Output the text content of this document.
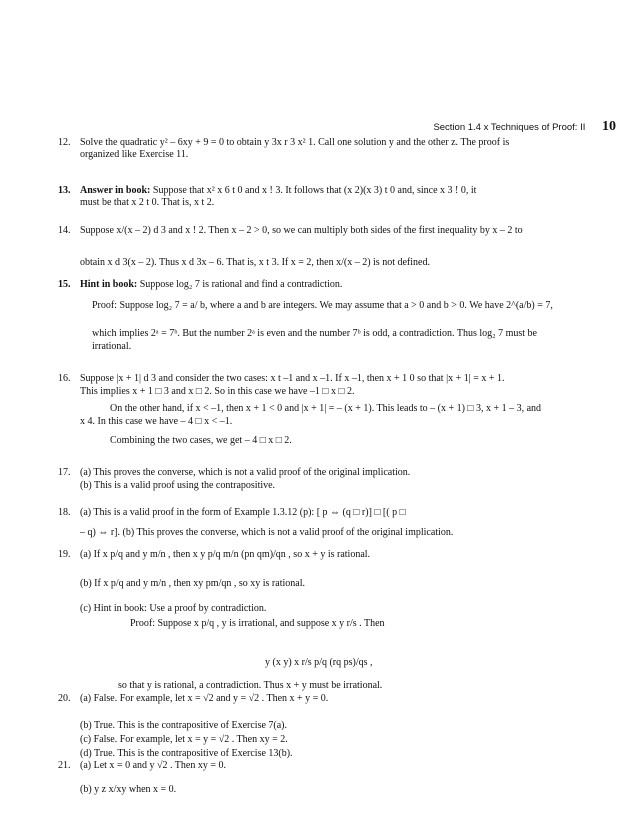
Section 1.4 x Techniques of Proof: II 10
12. Solve the quadratic y² – 6xy + 9 = 0 to obtain y 3x r 3 x² 1. Call one solution y and the other z. The proof is
organized like Exercise 11.
13. Answer in book: Suppose that x² x 6 t 0 and x ! 3. It follows that (x 2)(x 3) t 0 and, since x 3 ! 0, it
must be that x 2 t 0. That is, x t 2.
14. Suppose x/(x – 2) d 3 and x ! 2. Then x – 2 > 0, so we can multiply both sides of the first inequality by x – 2 to
obtain x d 3(x – 2). Thus x d 3x – 6. That is, x t 3. If x = 2, then x/(x – 2) is not defined.
15. Hint in book: Suppose log₂ 7 is rational and find a contradiction.
Proof: Suppose log₂ 7 = a/ b, where a and b are integers. We may assume that a > 0 and b > 0. We have 2^(a/b) = 7,
which implies 2ᵃ = 7ᵇ. But the number 2ᵃ is even and the number 7ᵇ is odd, a contradiction. Thus log₂ 7 must be
irrational.
16. Suppose |x + 1| d 3 and consider the two cases: x t –1 and x –1. If x –1, then x + 1 0 so that |x + 1| = x + 1.
This implies x + 1 □ 3 and x □ 2. So in this case we have –1 □ x □ 2.
On the other hand, if x < –1, then x + 1 < 0 and |x + 1| = – (x + 1). This leads to – (x + 1) □ 3, x + 1 – 3, and
x 4. In this case we have – 4 □ x < –1.
Combining the two cases, we get – 4 □ x □ 2.
17. (a) This proves the converse, which is not a valid proof of the original implication.
(b) This is a valid proof using the contrapositive.
18. (a) This is a valid proof in the form of Example 1.3.12 (p): [ p ⇔ (q □ r)] □ [( p □
– q) ⇔ r]. (b) This proves the converse, which is not a valid proof of the original implication.
19. (a) If x p/q and y m/n , then x y p/q m/n (pn qm)/qn , so x + y is rational.
(b) If x p/q and y m/n , then xy pm/qn , so xy is rational.
(c) Hint in book: Use a proof by contradiction.
Proof: Suppose x p/q , y is irrational, and suppose x y r/s . Then
y (x y) x r/s p/q (rq ps)/qs ,
so that y is rational, a contradiction. Thus x + y must be irrational.
20. (a) False. For example, let x = √2 and y = √2 . Then x + y = 0.
(b) True. This is the contrapositive of Exercise 7(a).
(c) False. For example, let x = y = √2 . Then xy = 2.
(d) True. This is the contrapositive of Exercise 13(b).
21. (a) Let x = 0 and y √2 . Then xy = 0.
(b) y z x/xy when x = 0.
